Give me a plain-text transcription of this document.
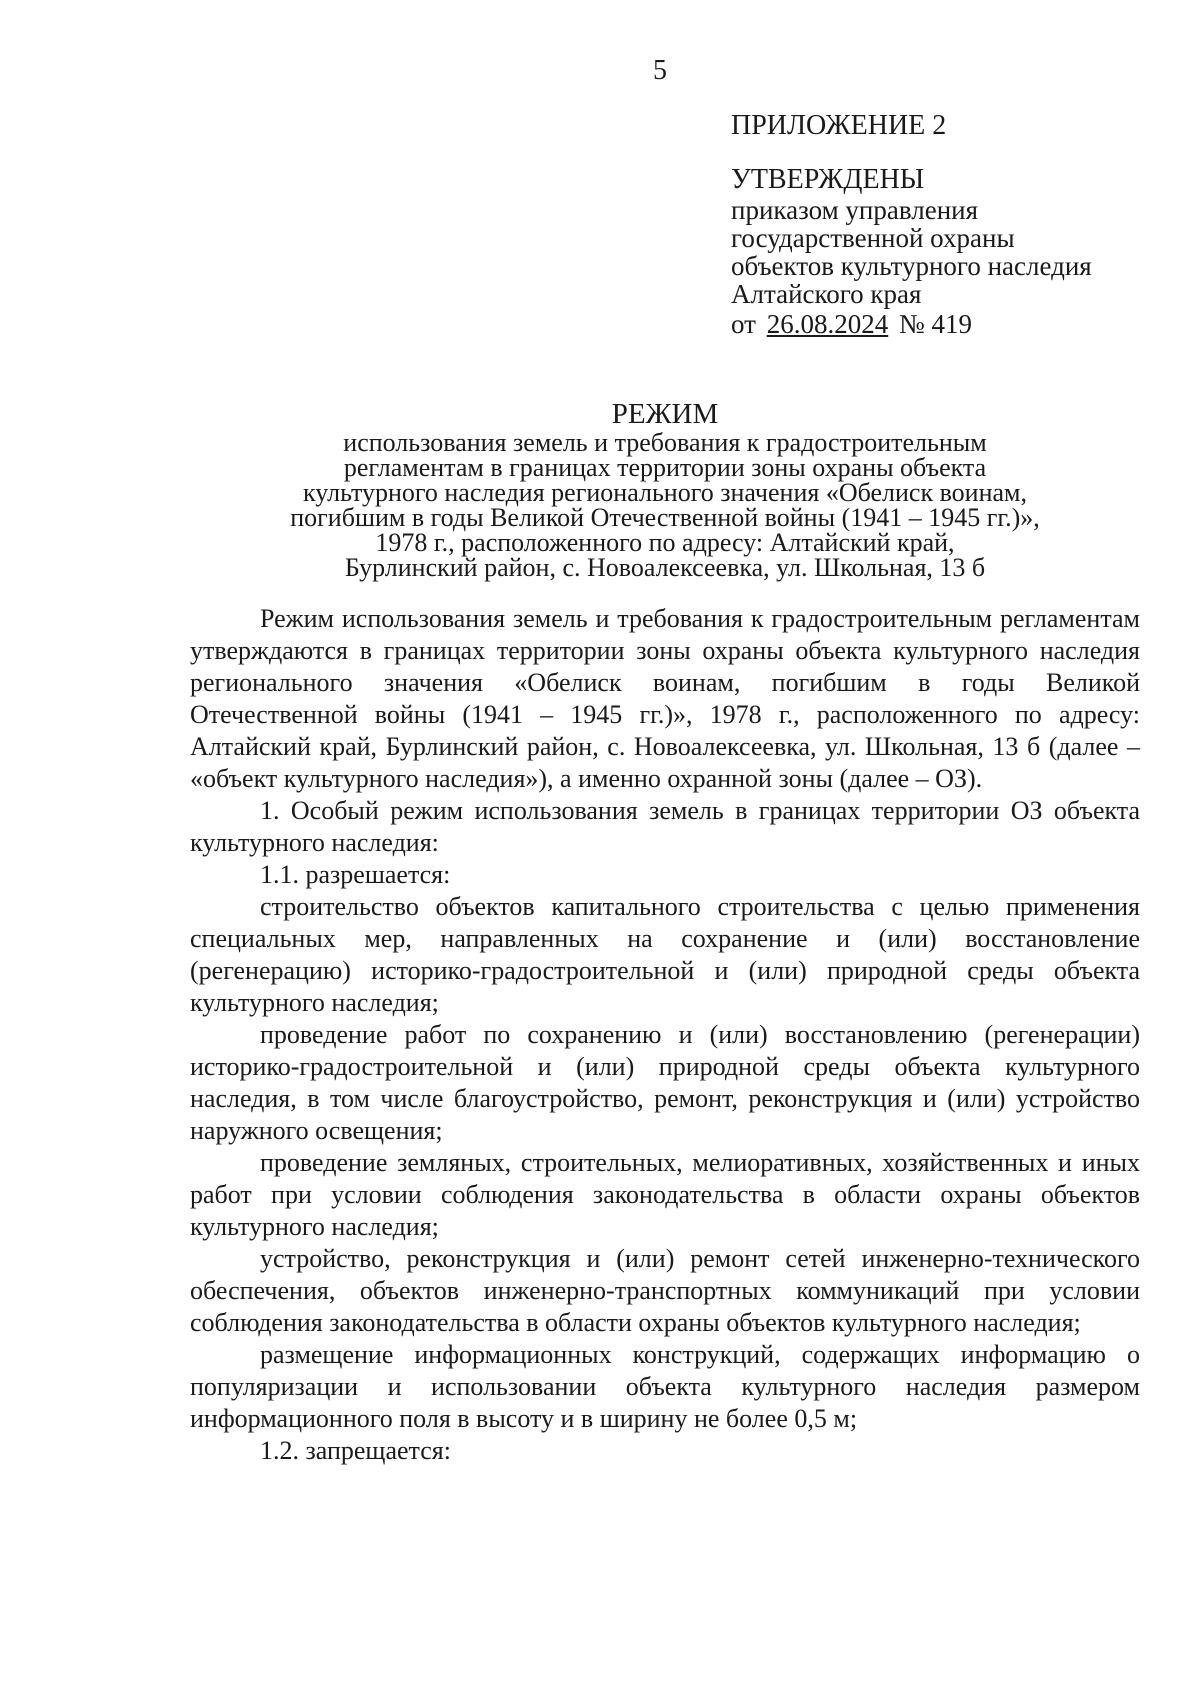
5
ПРИЛОЖЕНИЕ 2
УТВЕРЖДЕНЫ
приказом управления
государственной охраны
объектов культурного наследия
Алтайского края
от 26.08.2024 № 419
РЕЖИМ
использования земель и требования к градостроительным
регламентам в границах территории зоны охраны объекта
культурного наследия регионального значения «Обелиск воинам,
погибшим в годы Великой Отечественной войны (1941 – 1945 гг.)»,
1978 г., расположенного по адресу: Алтайский край,
Бурлинский район, с. Новоалексеевка, ул. Школьная, 13 б

Режим использования земель и требования к градостроительным регламентам утверждаются в границах территории зоны охраны объекта культурного наследия регионального значения «Обелиск воинам, погибшим в годы Великой Отечественной войны (1941 – 1945 гг.)», 1978 г., расположенного по адресу: Алтайский край, Бурлинский район, с. Новоалексеевка, ул. Школьная, 13 б (далее – «объект культурного наследия»), а именно охранной зоны (далее – ОЗ).

1. Особый режим использования земель в границах территории ОЗ объекта культурного наследия:

1.1. разрешается:

строительство объектов капитального строительства с целью применения специальных мер, направленных на сохранение и (или) восстановление (регенерацию) историко-градостроительной и (или) природной среды объекта культурного наследия;

проведение работ по сохранению и (или) восстановлению (регенерации) историко-градостроительной и (или) природной среды объекта культурного наследия, в том числе благоустройство, ремонт, реконструкция и (или) устройство наружного освещения;

проведение земляных, строительных, мелиоративных, хозяйственных и иных работ при условии соблюдения законодательства в области охраны объектов культурного наследия;

устройство, реконструкция и (или) ремонт сетей инженерно-технического обеспечения, объектов инженерно-транспортных коммуникаций при условии соблюдения законодательства в области охраны объектов культурного наследия;

размещение информационных конструкций, содержащих информацию о популяризации и использовании объекта культурного наследия размером информационного поля в высоту и в ширину не более 0,5 м;

1.2. запрещается:
